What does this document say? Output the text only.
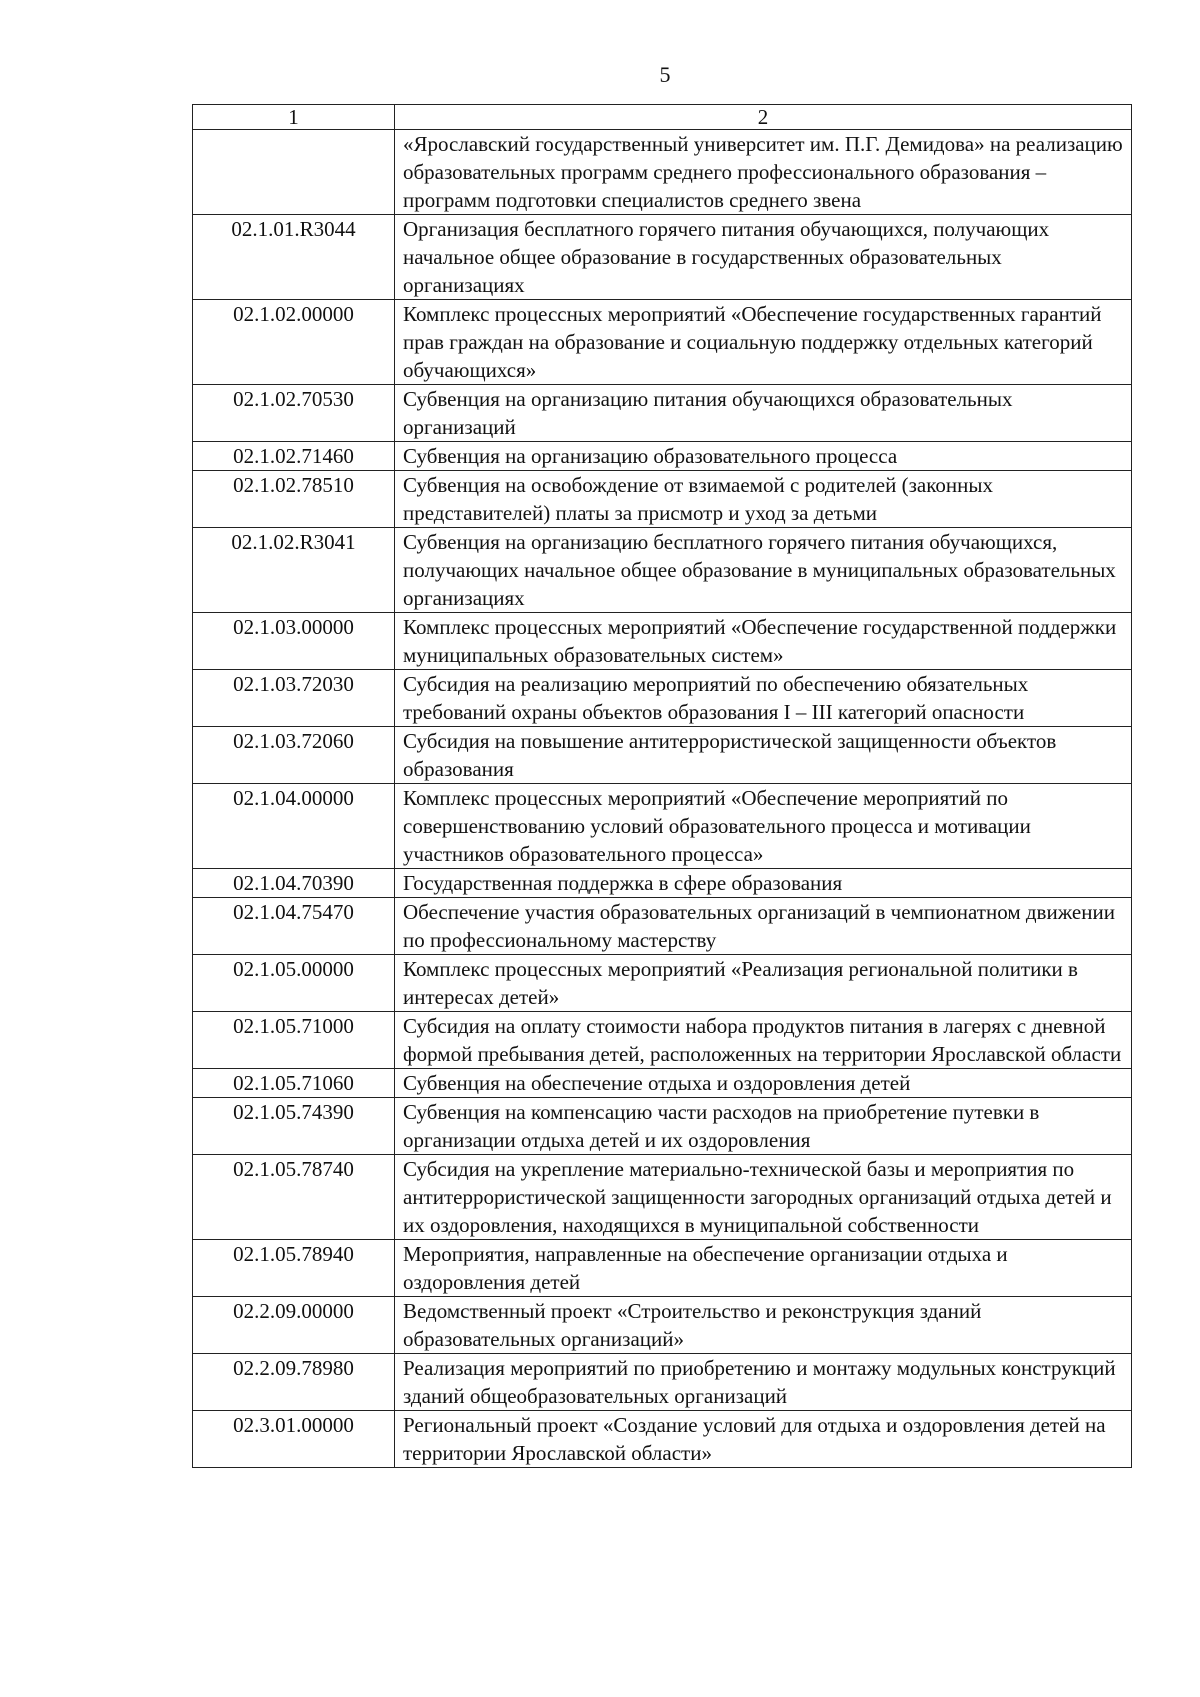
5
1	2
	«Ярославский государственный университет им. П.Г. Демидова» на реализацию образовательных программ среднего профессионального образования – программ подготовки специалистов среднего звена
02.1.01.R3044	Организация бесплатного горячего питания обучающихся, получающих начальное общее образование в государственных образовательных организациях
02.1.02.00000	Комплекс процессных мероприятий «Обеспечение государственных гарантий прав граждан на образование и социальную поддержку отдельных категорий обучающихся»
02.1.02.70530	Субвенция на организацию питания обучающихся образовательных организаций
02.1.02.71460	Субвенция на организацию образовательного процесса
02.1.02.78510	Субвенция на освобождение от взимаемой с родителей (законных представителей) платы за присмотр и уход за детьми
02.1.02.R3041	Субвенция на организацию бесплатного горячего питания обучающихся, получающих начальное общее образование в муниципальных образовательных организациях
02.1.03.00000	Комплекс процессных мероприятий «Обеспечение государственной поддержки муниципальных образовательных систем»
02.1.03.72030	Субсидия на реализацию мероприятий по обеспечению обязательных требований охраны объектов образования I – III категорий опасности
02.1.03.72060	Субсидия на повышение антитеррористической защищенности объектов образования
02.1.04.00000	Комплекс процессных мероприятий «Обеспечение мероприятий по совершенствованию условий образовательного процесса и мотивации участников образовательного процесса»
02.1.04.70390	Государственная поддержка в сфере образования
02.1.04.75470	Обеспечение участия образовательных организаций в чемпионатном движении по профессиональному мастерству
02.1.05.00000	Комплекс процессных мероприятий «Реализация региональной политики в интересах детей»
02.1.05.71000	Субсидия на оплату стоимости набора продуктов питания в лагерях с дневной формой пребывания детей, расположенных на территории Ярославской области
02.1.05.71060	Субвенция на обеспечение отдыха и оздоровления детей
02.1.05.74390	Субвенция на компенсацию части расходов на приобретение путевки в организации отдыха детей и их оздоровления
02.1.05.78740	Субсидия на укрепление материально-технической базы и мероприятия по антитеррористической защищенности загородных организаций отдыха детей и их оздоровления, находящихся в муниципальной собственности
02.1.05.78940	Мероприятия, направленные на обеспечение организации отдыха и оздоровления детей
02.2.09.00000	Ведомственный проект «Строительство и реконструкция зданий образовательных организаций»
02.2.09.78980	Реализация мероприятий по приобретению и монтажу модульных конструкций зданий общеобразовательных организаций
02.3.01.00000	Региональный проект «Создание условий для отдыха и оздоровления детей на территории Ярославской области»
